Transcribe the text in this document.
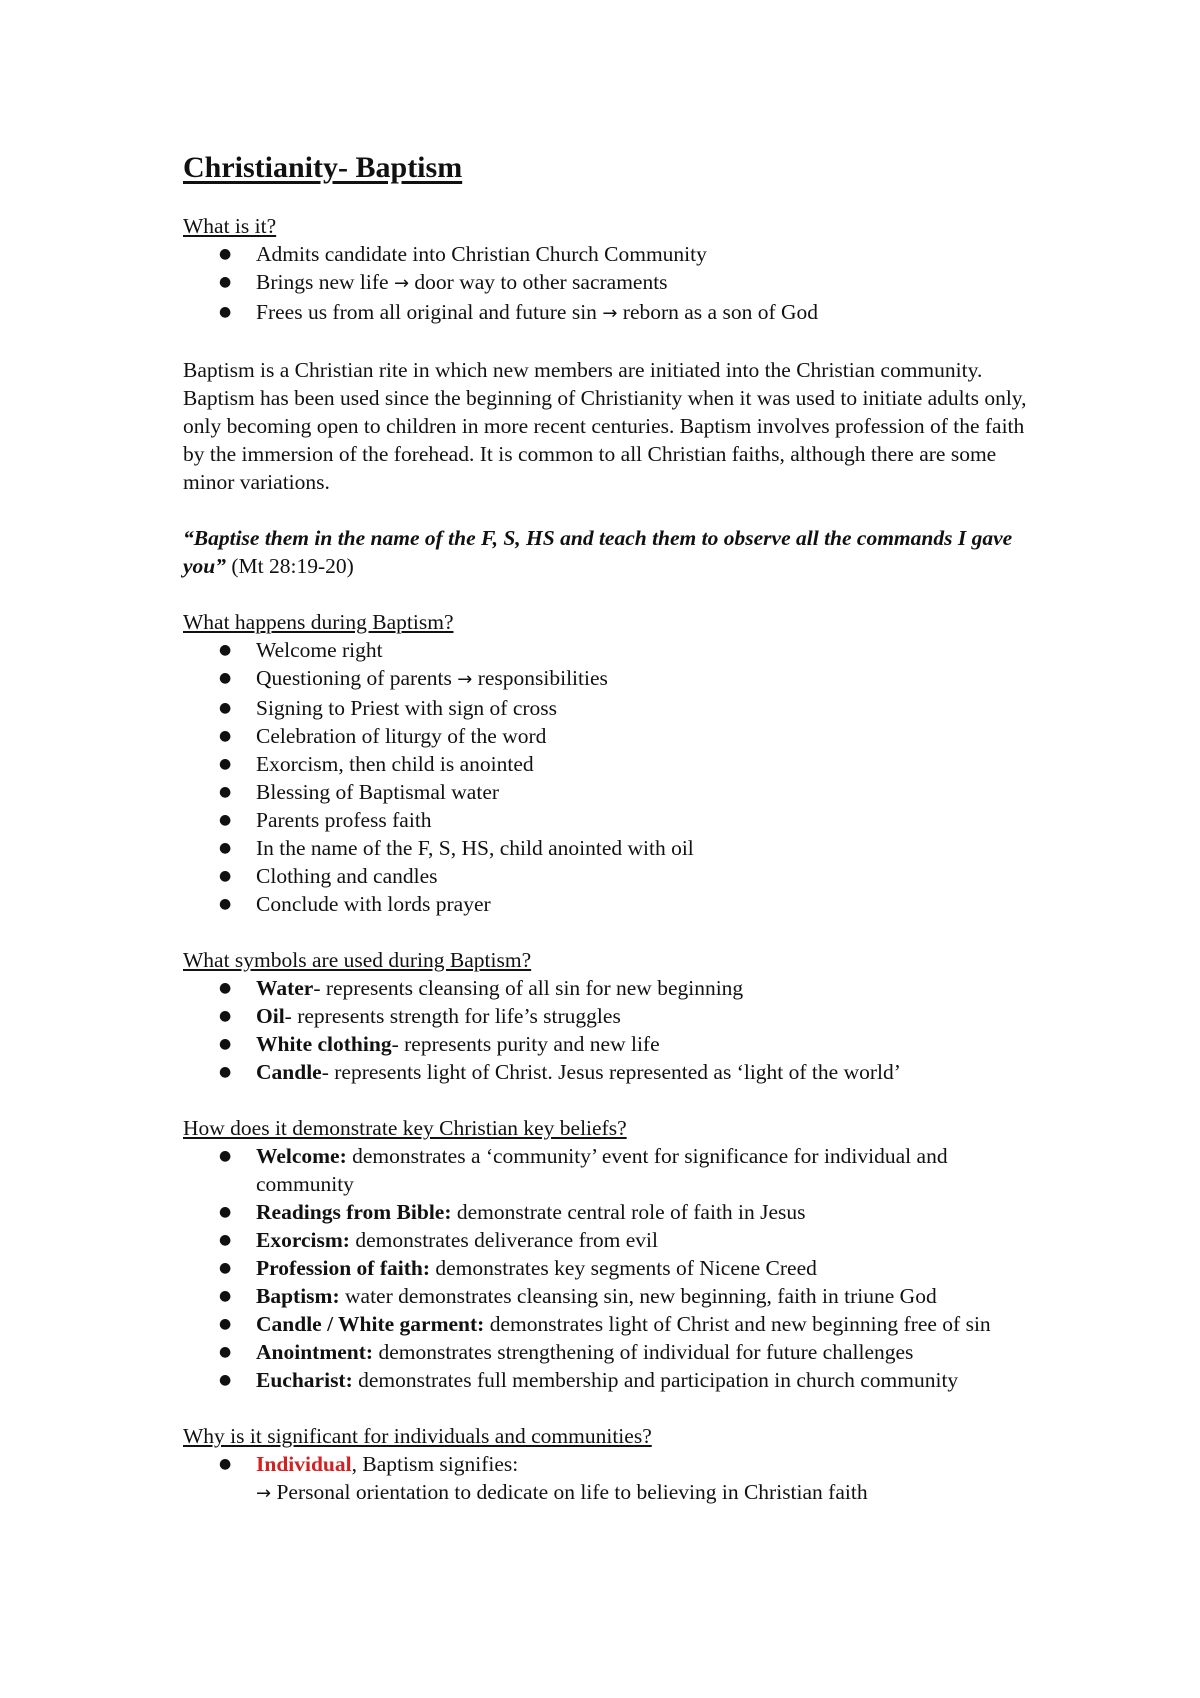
Christianity- Baptism

What is it?

● Admits candidate into Christian Church Community
● Brings new life → door way to other sacraments
● Frees us from all original and future sin → reborn as a son of God

Baptism is a Christian rite in which new members are initiated into the Christian community. Baptism has been used since the beginning of Christianity when it was used to initiate adults only, only becoming open to children in more recent centuries. Baptism involves profession of the faith by the immersion of the forehead. It is common to all Christian faiths, although there are some minor variations.

“Baptise them in the name of the F, S, HS and teach them to observe all the commands I gave you” (Mt 28:19-20)

What happens during Baptism?

● Welcome right
● Questioning of parents → responsibilities
● Signing to Priest with sign of cross
● Celebration of liturgy of the word
● Exorcism, then child is anointed
● Blessing of Baptismal water
● Parents profess faith
● In the name of the F, S, HS, child anointed with oil
● Clothing and candles
● Conclude with lords prayer

What symbols are used during Baptism?

● Water- represents cleansing of all sin for new beginning
● Oil- represents strength for life’s struggles
● White clothing- represents purity and new life
● Candle- represents light of Christ. Jesus represented as ‘light of the world’

How does it demonstrate key Christian key beliefs?

● Welcome: demonstrates a ‘community’ event for significance for individual and community
● Readings from Bible: demonstrate central role of faith in Jesus
● Exorcism: demonstrates deliverance from evil
● Profession of faith: demonstrates key segments of Nicene Creed
● Baptism: water demonstrates cleansing sin, new beginning, faith in triune God
● Candle / White garment: demonstrates light of Christ and new beginning free of sin
● Anointment: demonstrates strengthening of individual for future challenges
● Eucharist: demonstrates full membership and participation in church community

Why is it significant for individuals and communities?

● Individual, Baptism signifies:
→ Personal orientation to dedicate on life to believing in Christian faith
